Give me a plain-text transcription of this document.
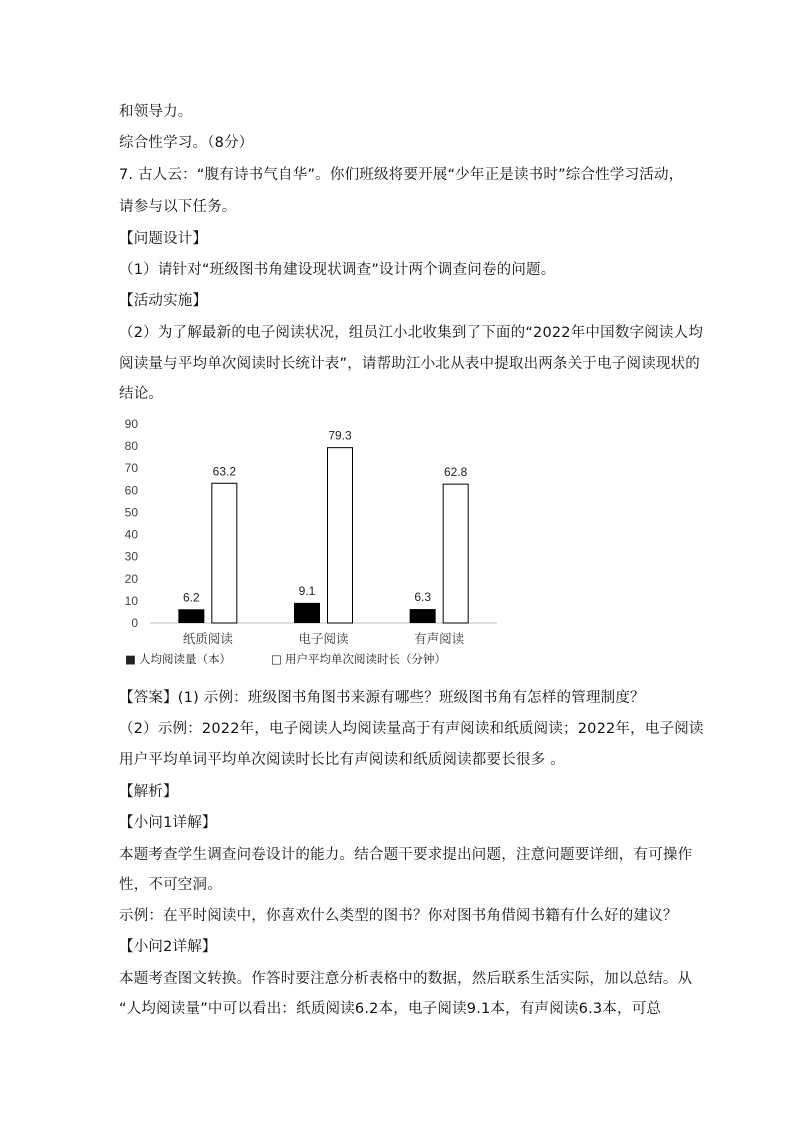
和领导力。
综合性学习。（8分）
7. 古人云：“腹有诗书气自华”。你们班级将要开展“少年正是读书时”综合性学习活动，
请参与以下任务。
【问题设计】
（1）请针对“班级图书角建设现状调查”设计两个调查问卷的问题。
【活动实施】
（2）为了解最新的电子阅读状况，组员江小北收集到了下面的“2022年中国数字阅读人均
阅读量与平均单次阅读时长统计表”，请帮助江小北从表中提取出两条关于电子阅读现状的
结论。
0
10
20
30
40
50
60
70
80
90
6.2
63.2
纸质阅读
9.1
79.3
电子阅读
6.3
62.8
有声阅读
■ 人均阅读量（本）	□ 用户平均单次阅读时长（分钟）
【答案】(1) 示例：班级图书角图书来源有哪些？班级图书角有怎样的管理制度？
（2）示例：2022年，电子阅读人均阅读量高于有声阅读和纸质阅读；2022年，电子阅读
用户平均单词平均单次阅读时长比有声阅读和纸质阅读都要长很多 。
【解析】
【小问1详解】
本题考查学生调查问卷设计的能力。结合题干要求提出问题，注意问题要详细，有可操作
性，不可空洞。
示例：在平时阅读中，你喜欢什么类型的图书？你对图书角借阅书籍有什么好的建议？
【小问2详解】
本题考查图文转换。作答时要注意分析表格中的数据，然后联系生活实际，加以总结。从
“人均阅读量”中可以看出：纸质阅读6.2本，电子阅读9.1本，有声阅读6.3本，可总
